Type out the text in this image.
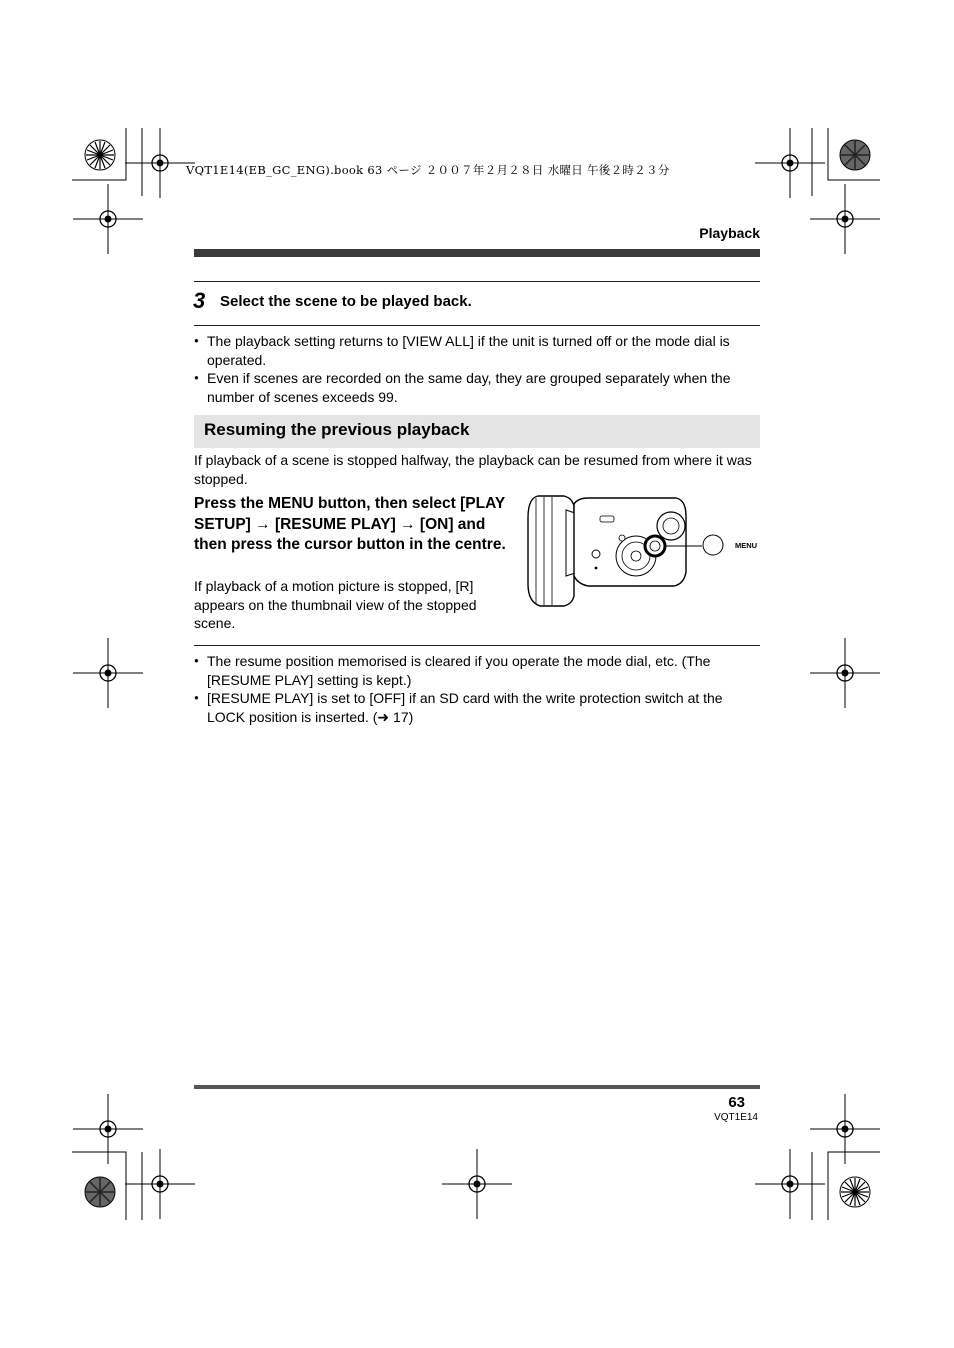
VQT1E14(EB_GC_ENG).book 63 ページ ２００７年２月２８日 水曜日 午後２時２３分
Playback
3 Select the scene to be played back.
● The playback setting returns to [VIEW ALL] if the unit is turned off or the mode dial is operated.
● Even if scenes are recorded on the same day, they are grouped separately when the number of scenes exceeds 99.
Resuming the previous playback
If playback of a scene is stopped halfway, the playback can be resumed from where it was stopped.
Press the MENU button, then select [PLAY SETUP] → [RESUME PLAY] → [ON] and then press the cursor button in the centre.
If playback of a motion picture is stopped, [R] appears on the thumbnail view of the stopped scene.
MENU
● The resume position memorised is cleared if you operate the mode dial, etc. (The [RESUME PLAY] setting is kept.)
● [RESUME PLAY] is set to [OFF] if an SD card with the write protection switch at the LOCK position is inserted. (➜ 17)
63
VQT1E14
